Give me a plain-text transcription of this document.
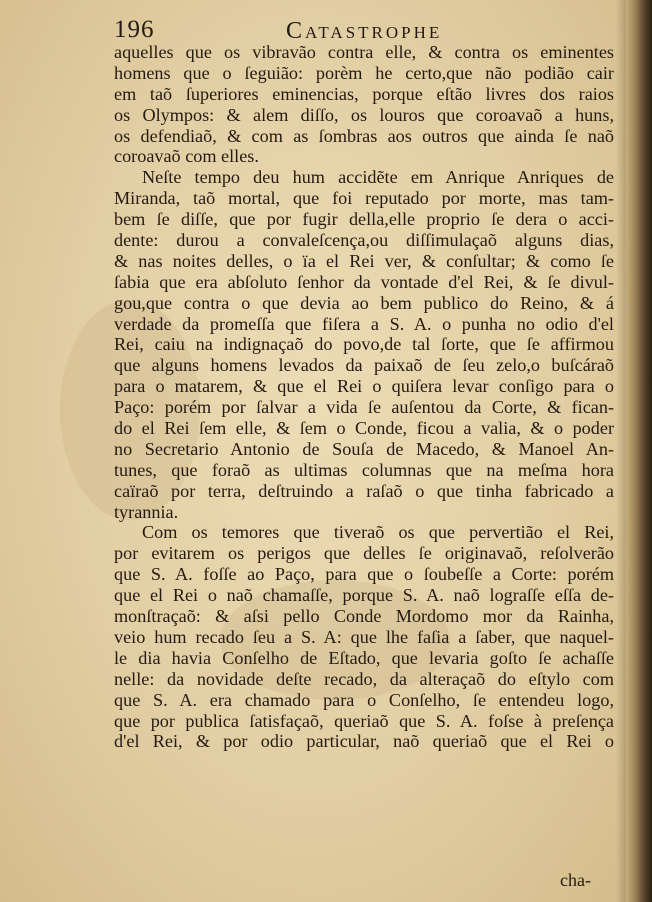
196	Catastrophe
aquelles que os vibravão contra elle, & contra os eminentes
homens que o ſeguião: porèm he certo,que não podião cair
em taõ ſuperiores eminencias, porque eſtão livres dos raios
os Olympos: & alem diſſo, os louros que coroavaõ a huns,
os defendiaõ, & com as ſombras aos outros que ainda ſe naõ
coroavaõ com elles.
Neſte tempo deu hum accidẽte em Anrique Anriques de
Miranda, taõ mortal, que foi reputado por morte, mas tam-
bem ſe diſſe, que por fugir della,elle proprio ſe dera o acci-
dente: durou a convaleſcença,ou diſſimulaçaõ alguns dias,
& nas noites delles, o ïa el Rei ver, & conſultar; & como ſe
ſabia que era abſoluto ſenhor da vontade d'el Rei, & ſe divul-
gou,que contra o que devia ao bem publico do Reino, & á
verdade da promeſſa que fiſera a S. A. o punha no odio d'el
Rei, caiu na indignaçaõ do povo,de tal ſorte, que ſe affirmou
que alguns homens levados da paixaõ de ſeu zelo,o buſcáraõ
para o matarem, & que el Rei o quiſera levar conſigo para o
Paço: porém por ſalvar a vida ſe auſentou da Corte, & fican-
do el Rei ſem elle, & ſem o Conde, ficou a valia, & o poder
no Secretario Antonio de Souſa de Macedo, & Manoel An-
tunes, que foraõ as ultimas columnas que na meſma hora
caïraõ por terra, deſtruindo a raſaõ o que tinha fabricado a
tyrannia.
Com os temores que tiveraõ os que pervertião el Rei,
por evitarem os perigos que delles ſe originavaõ, reſolverão
que S. A. foſſe ao Paço, para que o ſoubeſſe a Corte: porém
que el Rei o naõ chamaſſe, porque S. A. naõ lograſſe eſſa de-
monſtraçaõ: & aſsi pello Conde Mordomo mor da Rainha,
veio hum recado ſeu a S. A: que lhe faſia a ſaber, que naquel-
le dia havia Conſelho de Eſtado, que levaria goſto ſe achaſſe
nelle: da novidade deſte recado, da alteraçaõ do eſtylo com
que S. A. era chamado para o Conſelho, ſe entendeu logo,
que por publica ſatisfaçaõ, queriaõ que S. A. foſse à preſença
d'el Rei, & por odio particular, naõ queriaõ que el Rei o
cha-
